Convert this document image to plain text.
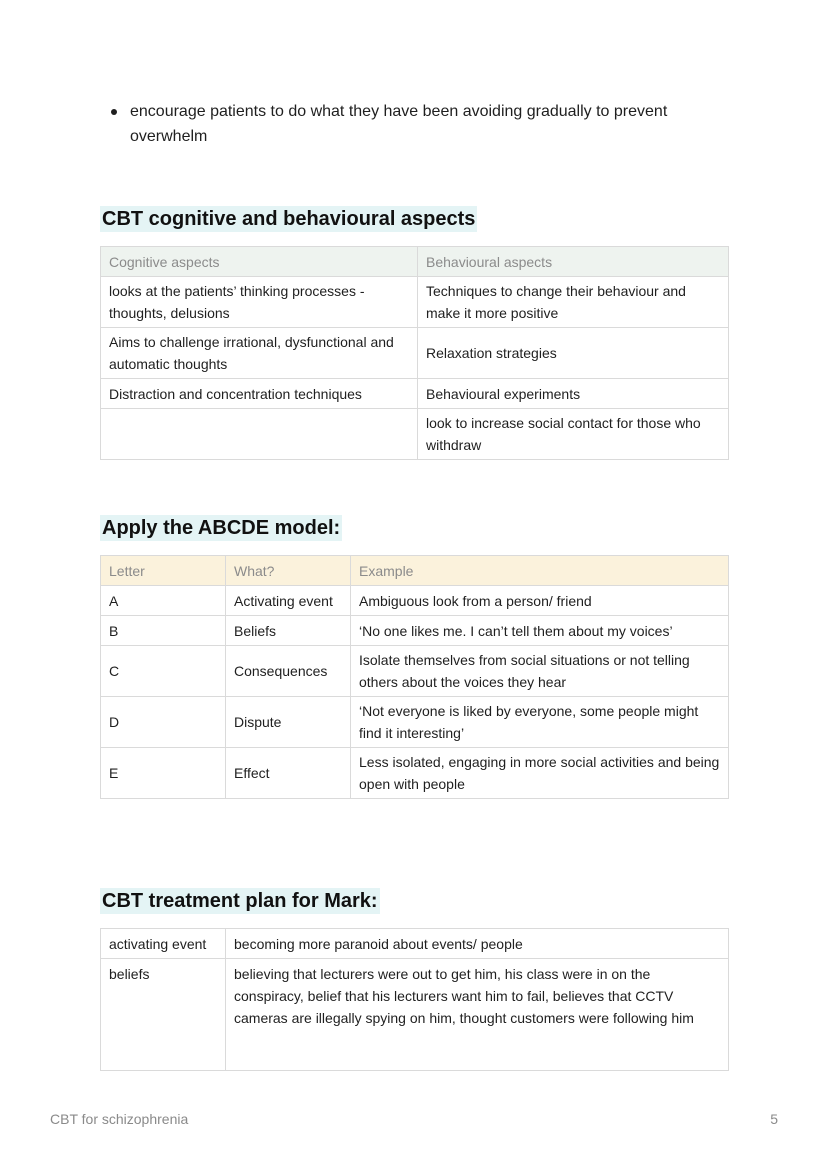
encourage patients to do what they have been avoiding gradually to prevent overwhelm
CBT cognitive and behavioural aspects
Cognitive aspects	Behavioural aspects
looks at the patients’ thinking processes - thoughts, delusions	Techniques to change their behaviour and make it more positive
Aims to challenge irrational, dysfunctional and automatic thoughts	Relaxation strategies
Distraction and concentration techniques	Behavioural experiments
	look to increase social contact for those who withdraw
Apply the ABCDE model:
Letter	What?	Example
A	Activating event	Ambiguous look from a person/ friend
B	Beliefs	‘No one likes me. I can’t tell them about my voices’
C	Consequences	Isolate themselves from social situations or not telling others about the voices they hear
D	Dispute	‘Not everyone is liked by everyone, some people might find it interesting’
E	Effect	Less isolated, engaging in more social activities and being open with people
CBT treatment plan for Mark:
activating event	becoming more paranoid about events/ people
beliefs	believing that lecturers were out to get him, his class were in on the conspiracy, belief that his lecturers want him to fail, believes that CCTV cameras are illegally spying on him, thought customers were following him
CBT for schizophrenia	5
